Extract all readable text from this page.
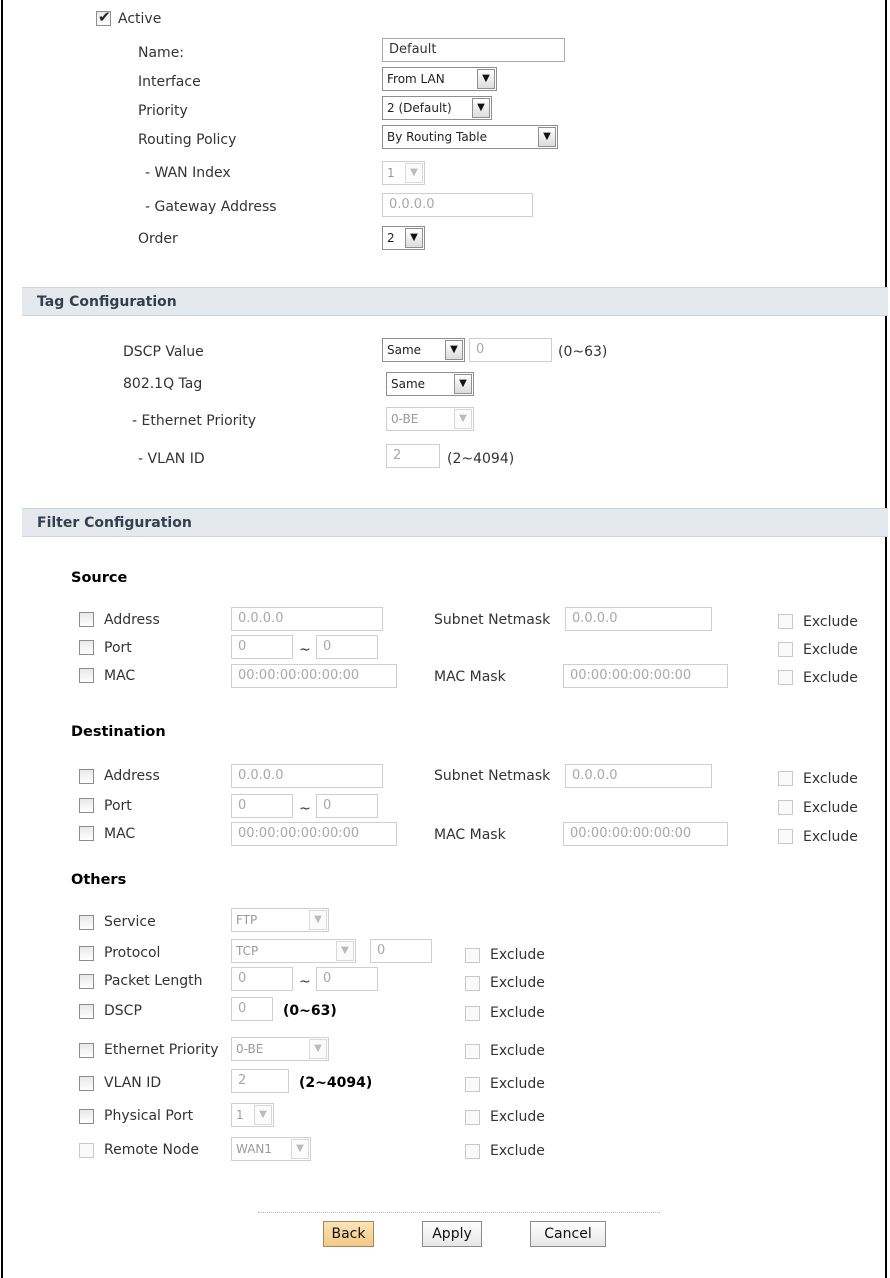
✔ Active
Name:	Default
Interface	From LAN	▼
Priority	2 (Default)	▼
Routing Policy	By Routing Table	▼
- WAN Index	1	▼
- Gateway Address	0.0.0.0
Order	2	▼
Tag Configuration
DSCP Value	Same	▼	0	(0~63)
802.1Q Tag	Same	▼
- Ethernet Priority	0-BE	▼
- VLAN ID	2	(2~4094)
Filter Configuration
Source
Address	0.0.0.0	Subnet Netmask	0.0.0.0	Exclude
Port	0	~ 0	Exclude
MAC	00:00:00:00:00:00	MAC Mask	00:00:00:00:00:00	Exclude
Destination
Address	0.0.0.0	Subnet Netmask	0.0.0.0	Exclude
Port	0	~ 0	Exclude
MAC	00:00:00:00:00:00	MAC Mask	00:00:00:00:00:00	Exclude
Others
Service	FTP	▼
Protocol	TCP	▼	0	Exclude
Packet Length	0	~ 0	Exclude
DSCP	0	(0~63)	Exclude
Ethernet Priority	0-BE	▼	Exclude
VLAN ID	2	(2~4094)	Exclude
Physical Port	1	▼	Exclude
Remote Node	WAN1	▼	Exclude
Back	Apply	Cancel
